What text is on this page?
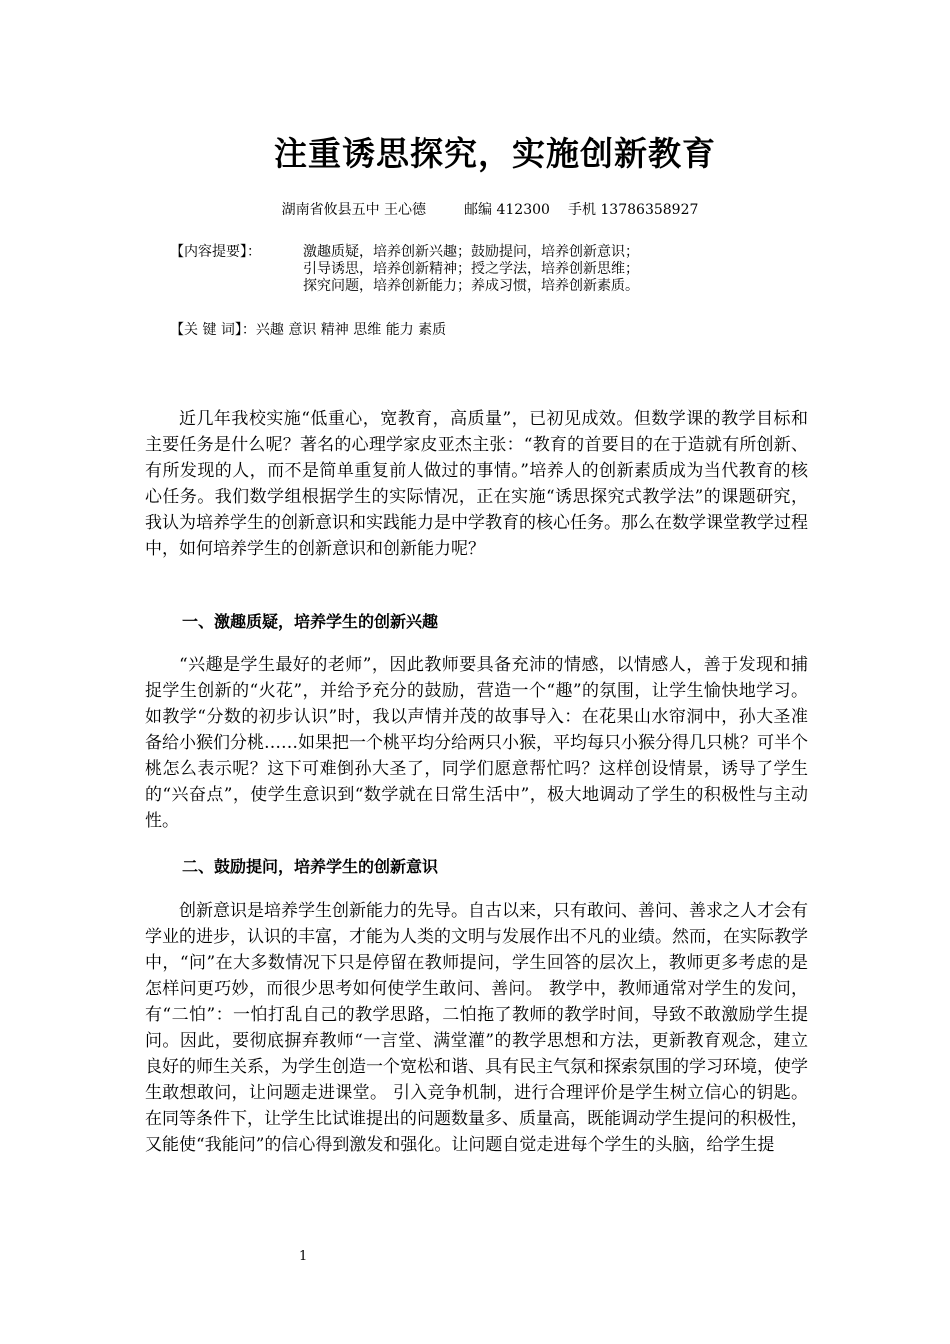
注重诱思探究，实施创新教育
湖南省攸县五中 王心德	邮编 412300 手机 13786358927
【内容提要】：	激趣质疑，培养创新兴趣；鼓励提问，培养创新意识；
引导诱思，培养创新精神；授之学法，培养创新思维；
探究问题，培养创新能力；养成习惯，培养创新素质。
【关 键 词】：兴趣 意识 精神 思维 能力 素质

近几年我校实施“低重心，宽教育，高质量”，已初见成效。但数学课的教学目标和主要任务是什么呢？著名的心理学家皮亚杰主张：“教育的首要目的在于造就有所创新、有所发现的人，而不是简单重复前人做过的事情。”培养人的创新素质成为当代教育的核心任务。我们数学组根据学生的实际情况，正在实施“诱思探究式教学法”的课题研究，我认为培养学生的创新意识和实践能力是中学教育的核心任务。那么在数学课堂教学过程中，如何培养学生的创新意识和创新能力呢？

一、激趣质疑，培养学生的创新兴趣

“兴趣是学生最好的老师”，因此教师要具备充沛的情感，以情感人，善于发现和捕捉学生创新的“火花”，并给予充分的鼓励，营造一个“趣”的氛围，让学生愉快地学习。如教学“分数的初步认识”时，我以声情并茂的故事导入：在花果山水帘洞中，孙大圣准备给小猴们分桃……如果把一个桃平均分给两只小猴，平均每只小猴分得几只桃？可半个桃怎么表示呢？这下可难倒孙大圣了，同学们愿意帮忙吗？这样创设情景，诱导了学生的“兴奋点”，使学生意识到“数学就在日常生活中”，极大地调动了学生的积极性与主动性。

二、鼓励提问，培养学生的创新意识

创新意识是培养学生创新能力的先导。自古以来，只有敢问、善问、善求之人才会有学业的进步，认识的丰富，才能为人类的文明与发展作出不凡的业绩。然而，在实际教学中，“问”在大多数情况下只是停留在教师提问，学生回答的层次上，教师更多考虑的是怎样问更巧妙，而很少思考如何使学生敢问、善问。 教学中，教师通常对学生的发问，有“二怕”：一怕打乱自己的教学思路，二怕拖了教师的教学时间，导致不敢激励学生提问。因此，要彻底摒弃教师“一言堂、满堂灌”的教学思想和方法，更新教育观念，建立良好的师生关系，为学生创造一个宽松和谐、具有民主气氛和探索氛围的学习环境，使学生敢想敢问，让问题走进课堂。 引入竞争机制，进行合理评价是学生树立信心的钥匙。在同等条件下，让学生比试谁提出的问题数量多、质量高，既能调动学生提问的积极性，又能使“我能问”的信心得到激发和强化。让问题自觉走进每个学生的头脑，给学生提

1
